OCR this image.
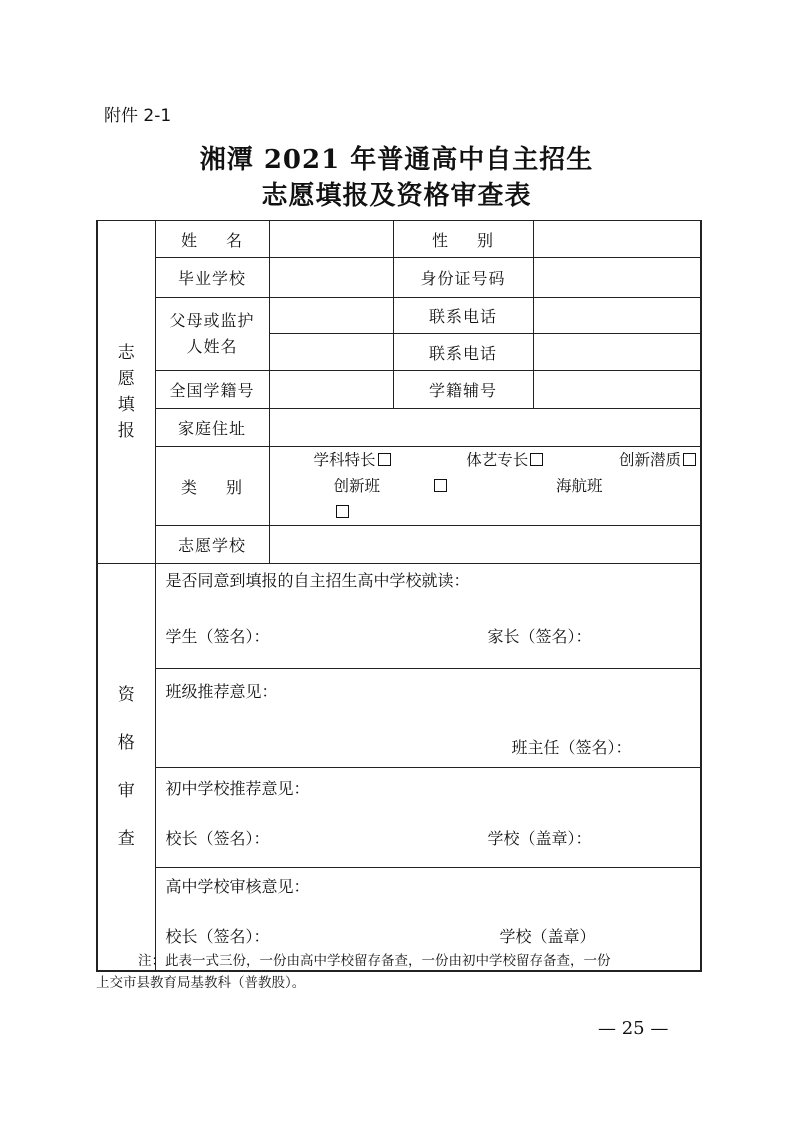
附件 2-1
湘潭 2021 年普通高中自主招生
志愿填报及资格审查表
志愿填报	姓 名		性 别	
	毕业学校		身份证号码	

	父母或监护
人姓名		联系电话	
			联系电话	
	全国学籍号		学籍辅号	
	家庭住址			
	类 别	学科特长 体艺专长 创新潜质
创新班 海航班		

	志愿学校			

资格审查	是否同意到填报的自主招生高中学校就读：
学生（签名）： 家长（签名）：			

	班级推荐意见：
班主任（签名）：			

	初中学校推荐意见：
校长（签名）： 学校（盖章）：			

	高中学校审核意见：
校长（签名）： 学校（盖章）			
注：此表一式三份，一份由高中学校留存备查，一份由初中学校留存备查，一份
上交市县教育局基教科（普教股）。
— 25 —
